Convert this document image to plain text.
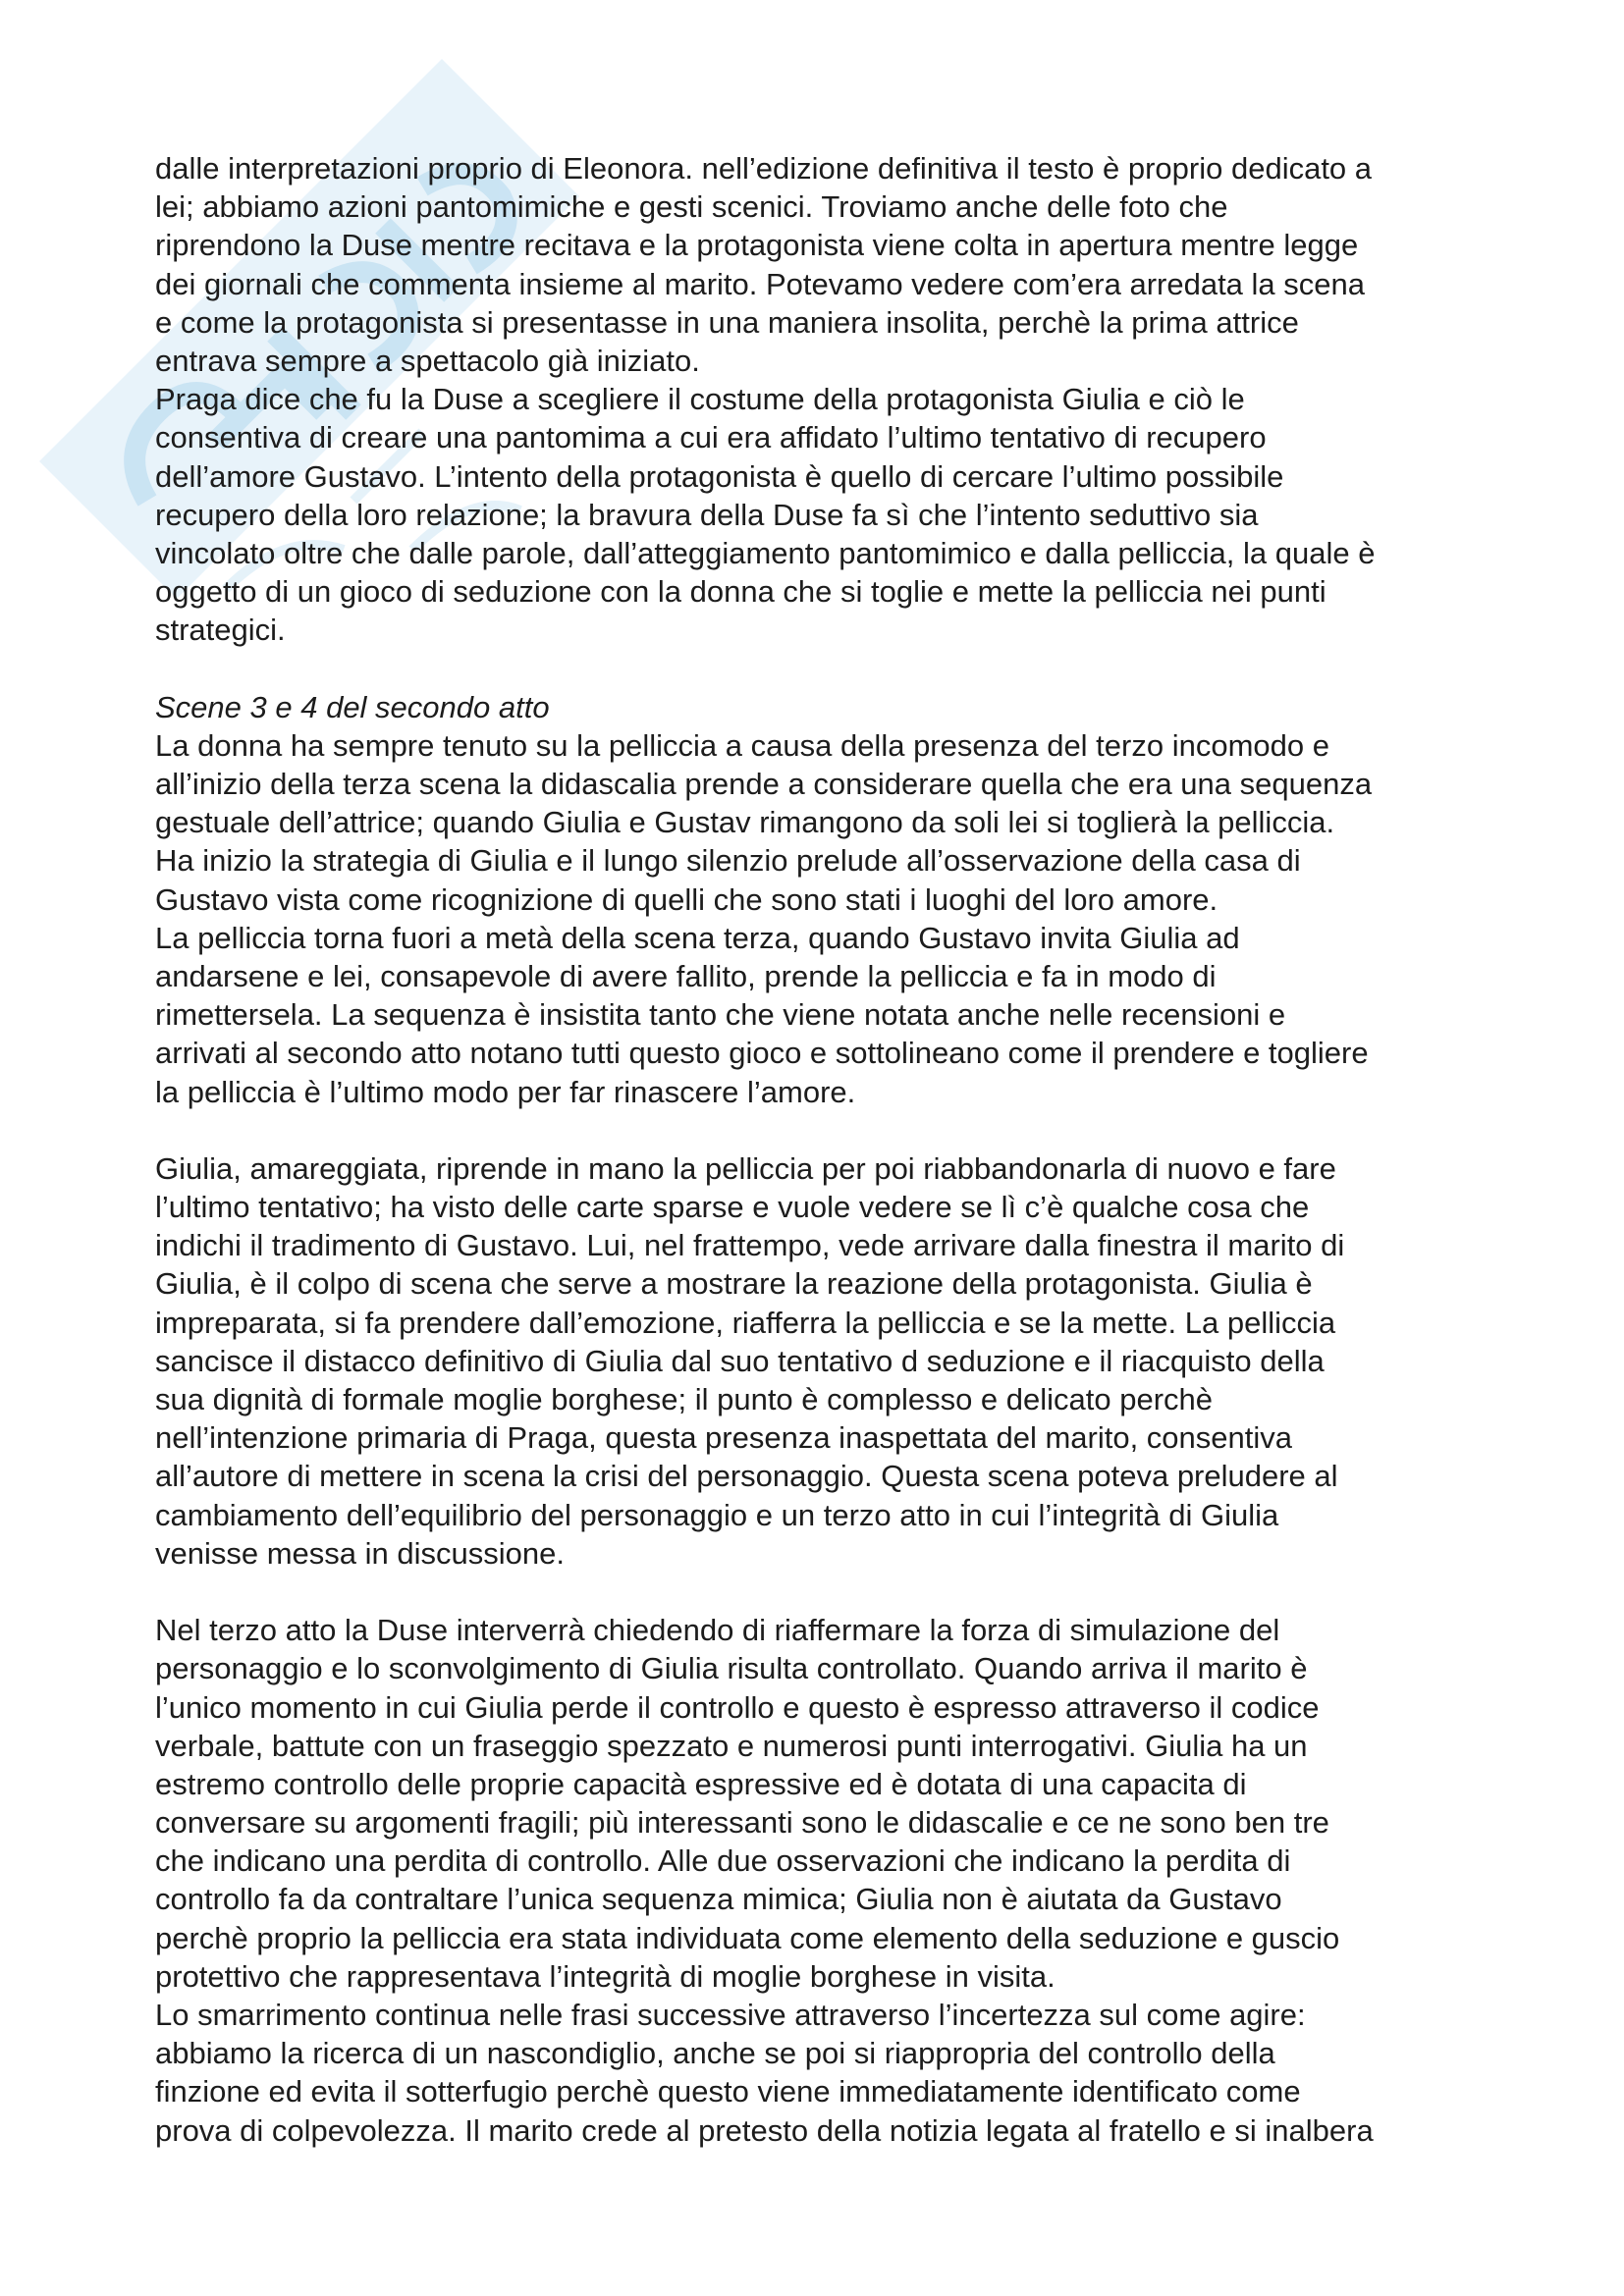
dalle interpretazioni proprio di Eleonora. nell’edizione definitiva il testo è proprio dedicato a
lei; abbiamo azioni pantomimiche e gesti scenici. Troviamo anche delle foto che
riprendono la Duse mentre recitava e la protagonista viene colta in apertura mentre legge
dei giornali che commenta insieme al marito. Potevamo vedere com’era arredata la scena
e come la protagonista si presentasse in una maniera insolita, perchè la prima attrice
entrava sempre a spettacolo già iniziato.
Praga dice che fu la Duse a scegliere il costume della protagonista Giulia e ciò le
consentiva di creare una pantomima a cui era affidato l’ultimo tentativo di recupero
dell’amore Gustavo. L’intento della protagonista è quello di cercare l’ultimo possibile
recupero della loro relazione; la bravura della Duse fa sì che l’intento seduttivo sia
vincolato oltre che dalle parole, dall’atteggiamento pantomimico e dalla pelliccia, la quale è
oggetto di un gioco di seduzione con la donna che si toglie e mette la pelliccia nei punti
strategici.
Scene 3 e 4 del secondo atto
La donna ha sempre tenuto su la pelliccia a causa della presenza del terzo incomodo e
all’inizio della terza scena la didascalia prende a considerare quella che era una sequenza
gestuale dell’attrice; quando Giulia e Gustav rimangono da soli lei si toglierà la pelliccia.
Ha inizio la strategia di Giulia e il lungo silenzio prelude all’osservazione della casa di
Gustavo vista come ricognizione di quelli che sono stati i luoghi del loro amore.
La pelliccia torna fuori a metà della scena terza, quando Gustavo invita Giulia ad
andarsene e lei, consapevole di avere fallito, prende la pelliccia e fa in modo di
rimettersela. La sequenza è insistita tanto che viene notata anche nelle recensioni e
arrivati al secondo atto notano tutti questo gioco e sottolineano come il prendere e togliere
la pelliccia è l’ultimo modo per far rinascere l’amore.
Giulia, amareggiata, riprende in mano la pelliccia per poi riabbandonarla di nuovo e fare
l’ultimo tentativo; ha visto delle carte sparse e vuole vedere se lì c’è qualche cosa che
indichi il tradimento di Gustavo. Lui, nel frattempo, vede arrivare dalla finestra il marito di
Giulia, è il colpo di scena che serve a mostrare la reazione della protagonista. Giulia è
impreparata, si fa prendere dall’emozione, riafferra la pelliccia e se la mette. La pelliccia
sancisce il distacco definitivo di Giulia dal suo tentativo d seduzione e il riacquisto della
sua dignità di formale moglie borghese; il punto è complesso e delicato perchè
nell’intenzione primaria di Praga, questa presenza inaspettata del marito, consentiva
all’autore di mettere in scena la crisi del personaggio. Questa scena poteva preludere al
cambiamento dell’equilibrio del personaggio e un terzo atto in cui l’integrità di Giulia
venisse messa in discussione.
Nel terzo atto la Duse interverrà chiedendo di riaffermare la forza di simulazione del
personaggio e lo sconvolgimento di Giulia risulta controllato. Quando arriva il marito è
l’unico momento in cui Giulia perde il controllo e questo è espresso attraverso il codice
verbale, battute con un fraseggio spezzato e numerosi punti interrogativi. Giulia ha un
estremo controllo delle proprie capacità espressive ed è dotata di una capacita di
conversare su argomenti fragili; più interessanti sono le didascalie e ce ne sono ben tre
che indicano una perdita di controllo. Alle due osservazioni che indicano la perdita di
controllo fa da contraltare l’unica sequenza mimica; Giulia non è aiutata da Gustavo
perchè proprio la pelliccia era stata individuata come elemento della seduzione e guscio
protettivo che rappresentava l’integrità di moglie borghese in visita.
Lo smarrimento continua nelle frasi successive attraverso l’incertezza sul come agire:
abbiamo la ricerca di un nascondiglio, anche se poi si riappropria del controllo della
finzione ed evita il sotterfugio perchè questo viene immediatamente identificato come
prova di colpevolezza. Il marito crede al pretesto della notizia legata al fratello e si inalbera
